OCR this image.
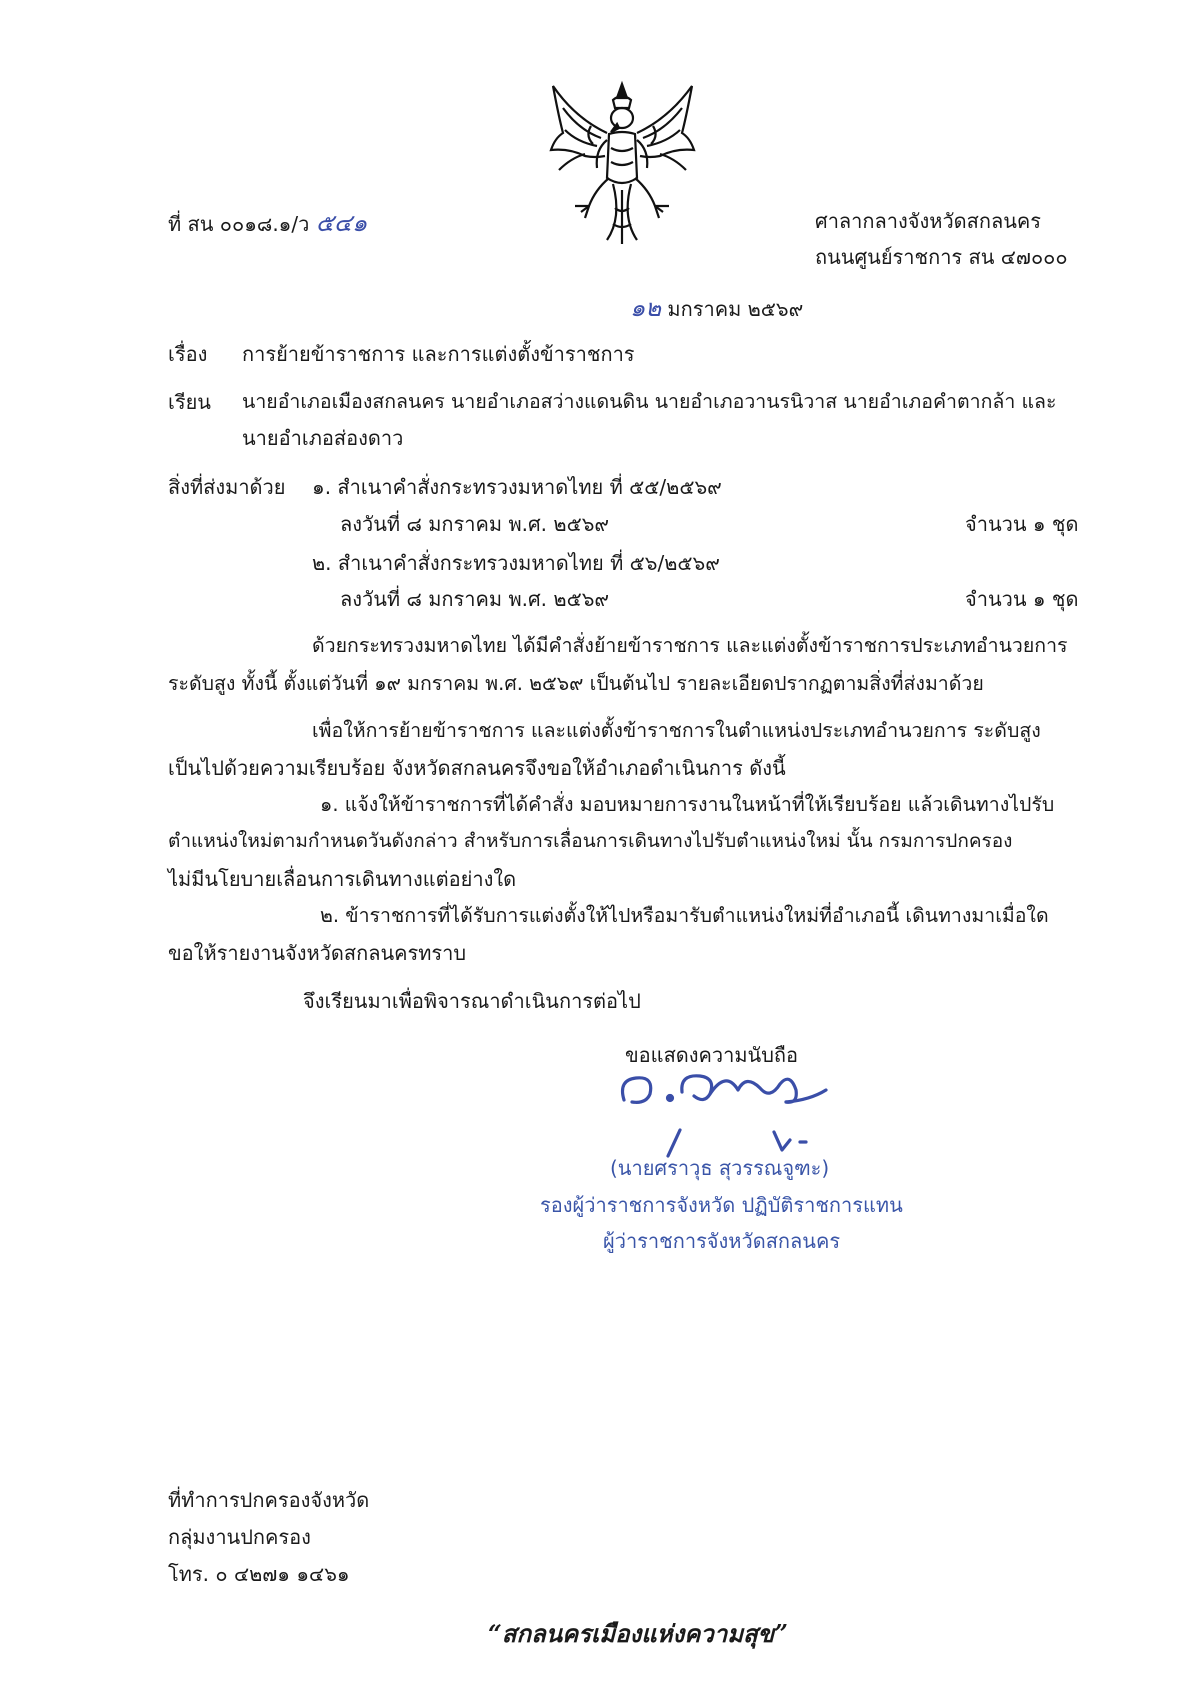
ที่ สน ๐๐๑๘.๑/ว ๕๔๑	ศาลากลางจังหวัดสกลนคร
ถนนศูนย์ราชการ สน ๔๗๐๐๐
๑๒ มกราคม ๒๕๖๙
เรื่อง การย้ายข้าราชการ และการแต่งตั้งข้าราชการ
เรียน นายอำเภอเมืองสกลนคร นายอำเภอสว่างแดนดิน นายอำเภอวานรนิวาส นายอำเภอคำตากล้า และ
นายอำเภอส่องดาว
สิ่งที่ส่งมาด้วย ๑. สำเนาคำสั่งกระทรวงมหาดไทย ที่ ๕๕/๒๕๖๙
ลงวันที่ ๘ มกราคม พ.ศ. ๒๕๖๙	จำนวน ๑ ชุด
๒. สำเนาคำสั่งกระทรวงมหาดไทย ที่ ๕๖/๒๕๖๙
ลงวันที่ ๘ มกราคม พ.ศ. ๒๕๖๙	จำนวน ๑ ชุด
ด้วยกระทรวงมหาดไทย ได้มีคำสั่งย้ายข้าราชการ และแต่งตั้งข้าราชการประเภทอำนวยการ
ระดับสูง ทั้งนี้ ตั้งแต่วันที่ ๑๙ มกราคม พ.ศ. ๒๕๖๙ เป็นต้นไป รายละเอียดปรากฏตามสิ่งที่ส่งมาด้วย
เพื่อให้การย้ายข้าราชการ และแต่งตั้งข้าราชการในตำแหน่งประเภทอำนวยการ ระดับสูง
เป็นไปด้วยความเรียบร้อย จังหวัดสกลนครจึงขอให้อำเภอดำเนินการ ดังนี้
๑. แจ้งให้ข้าราชการที่ได้คำสั่ง มอบหมายการงานในหน้าที่ให้เรียบร้อย แล้วเดินทางไปรับ
ตำแหน่งใหม่ตามกำหนดวันดังกล่าว สำหรับการเลื่อนการเดินทางไปรับตำแหน่งใหม่ นั้น กรมการปกครอง
ไม่มีนโยบายเลื่อนการเดินทางแต่อย่างใด
๒. ข้าราชการที่ได้รับการแต่งตั้งให้ไปหรือมารับตำแหน่งใหม่ที่อำเภอนี้ เดินทางมาเมื่อใด
ขอให้รายงานจังหวัดสกลนครทราบ
จึงเรียนมาเพื่อพิจารณาดำเนินการต่อไป
ขอแสดงความนับถือ
(นายศราวุธ สุวรรณจูฑะ)
รองผู้ว่าราชการจังหวัด ปฏิบัติราชการแทน
ผู้ว่าราชการจังหวัดสกลนคร
ที่ทำการปกครองจังหวัด
กลุ่มงานปกครอง
โทร. ๐ ๔๒๗๑ ๑๔๖๑
“สกลนครเมืองแห่งความสุข”
